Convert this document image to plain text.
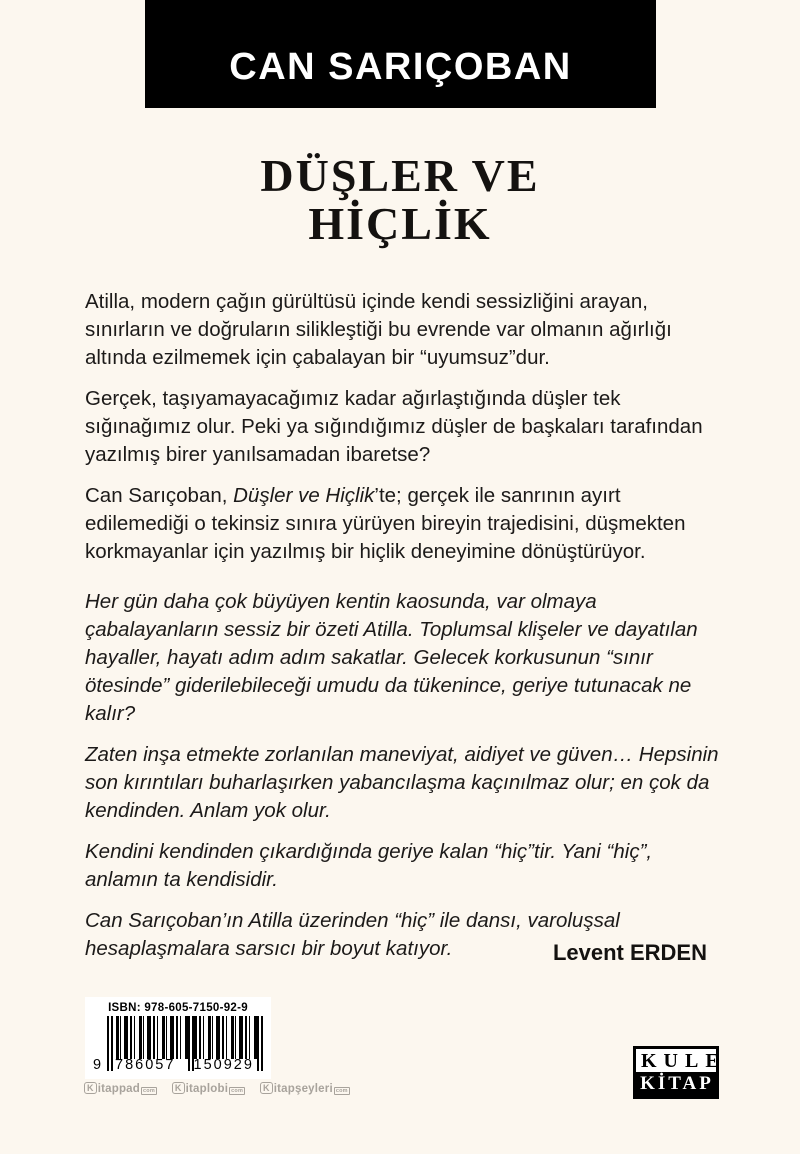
CAN SARIÇOBAN
DÜŞLER VE
HİÇLİK

Atilla, modern çağın gürültüsü içinde kendi sessizliğini arayan, sınırların ve doğruların silikleştiği bu evrende var olmanın ağırlığı altında ezilmemek için çabalayan bir “uyumsuz”dur.

Gerçek, taşıyamayacağımız kadar ağırlaştığında düşler tek sığınağımız olur. Peki ya sığındığımız düşler de başkaları tarafından yazılmış birer yanılsamadan ibaretse?

Can Sarıçoban, Düşler ve Hiçlik’te; gerçek ile sanrının ayırt edilemediği o tekinsiz sınıra yürüyen bireyin trajedisini, düşmekten korkmayanlar için yazılmış bir hiçlik deneyimine dönüştürüyor.

Her gün daha çok büyüyen kentin kaosunda, var olmaya çabalayanların sessiz bir özeti Atilla. Toplumsal klişeler ve dayatılan hayaller, hayatı adım adım sakatlar. Gelecek korkusunun “sınır ötesinde” giderilebileceği umudu da tükenince, geriye tutunacak ne kalır?

Zaten inşa etmekte zorlanılan maneviyat, aidiyet ve güven… Hepsinin son kırıntıları buharlaşırken yabancılaşma kaçınılmaz olur; en çok da kendinden. Anlam yok olur.

Kendini kendinden çıkardığında geriye kalan “hiç”tir. Yani “hiç”, anlamın ta kendisidir.

Can Sarıçoban’ın Atilla üzerinden “hiç” ile dansı, varoluşsal hesaplaşmalara sarsıcı bir boyut katıyor.	Levent ERDEN
ISBN: 978-605-7150-92-9
9 786057	150929
K itappad com	K itaplobi com	K itapşeyleri com
KULE
KİTAP
